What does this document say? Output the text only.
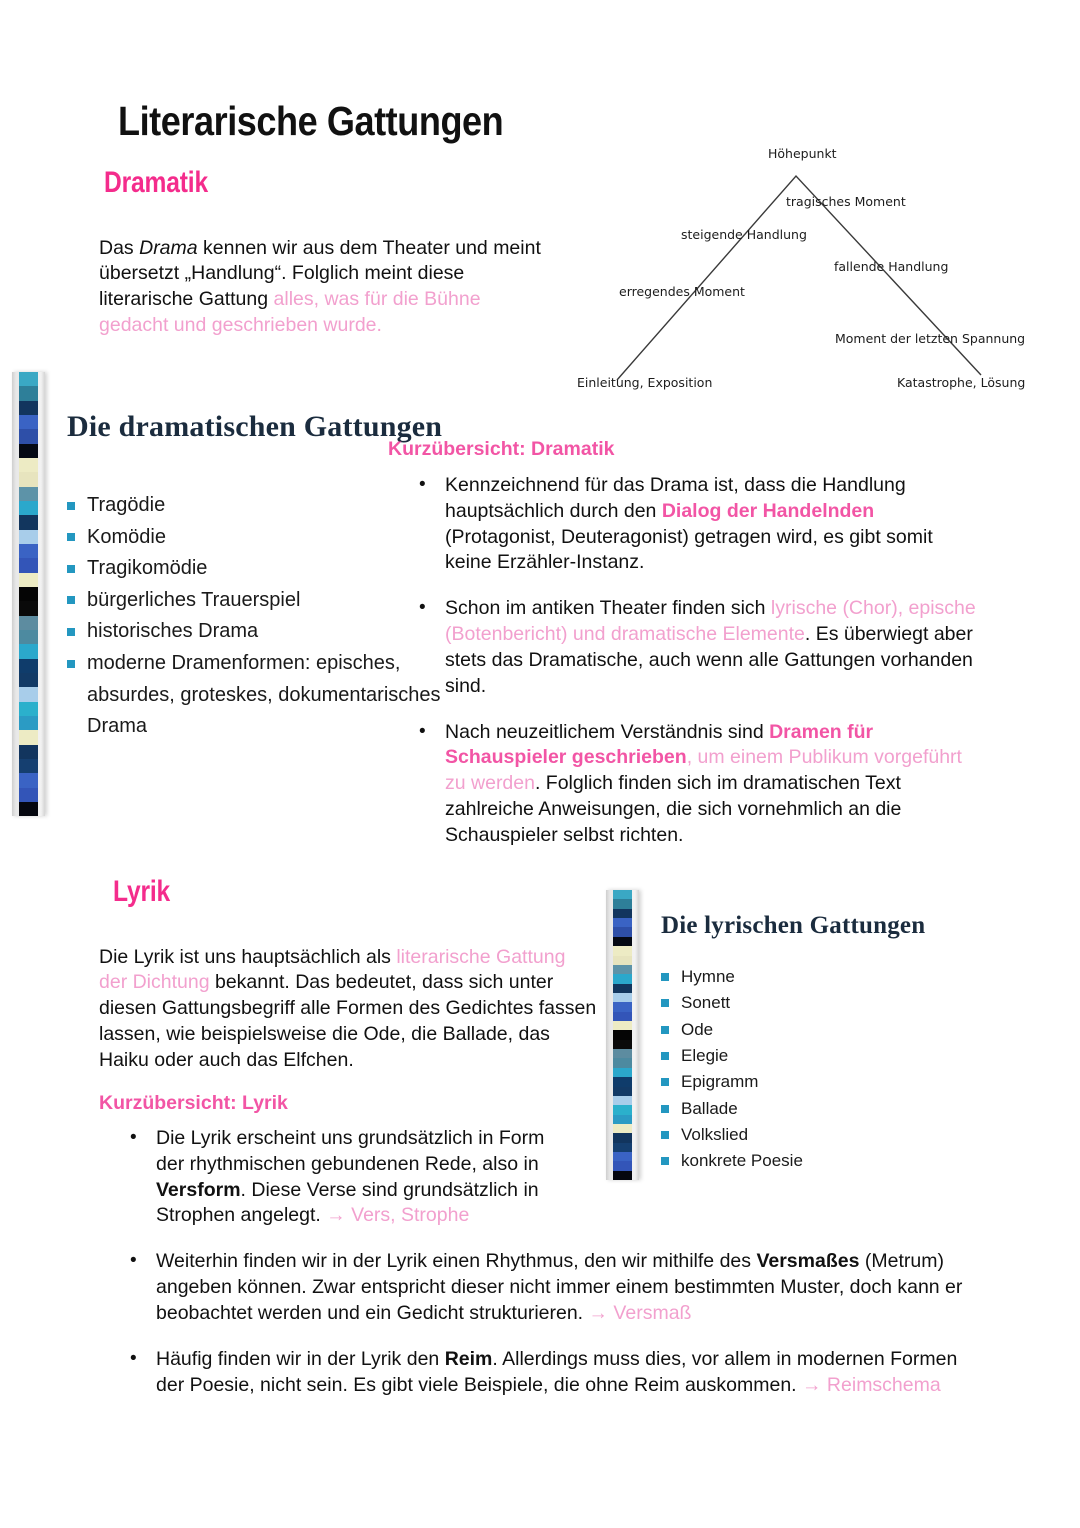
Literarische Gattungen
Dramatik

Das Drama kennen wir aus dem Theater und meint übersetzt „Handlung“. Folglich meint diese literarische Gattung alles, was für die Bühne gedacht und geschrieben wurde.

Höhepunkt
tragisches Moment
steigende Handlung
fallende Handlung
erregendes Moment
Moment der letzten Spannung
Einleitung, Exposition	Katastrophe, Lösung
Die dramatischen Gattungen
Tragödie
Komödie
Tragikomödie
bürgerliches Trauerspiel
historisches Drama
moderne Dramenformen: episches, absurdes, groteskes, dokumentarisches Drama
Kurzübersicht: Dramatik
• Kennzeichnend für das Drama ist, dass die Handlung hauptsächlich durch den Dialog der Handelnden (Protagonist, Deuteragonist) getragen wird, es gibt somit keine Erzähler-Instanz.
• Schon im antiken Theater finden sich lyrische (Chor), epische (Botenbericht) und dramatische Elemente. Es überwiegt aber stets das Dramatische, auch wenn alle Gattungen vorhanden sind.
• Nach neuzeitlichem Verständnis sind Dramen für Schauspieler geschrieben, um einem Publikum vorgeführt zu werden. Folglich finden sich im dramatischen Text zahlreiche Anweisungen, die sich vornehmlich an die Schauspieler selbst richten.
Lyrik

Die Lyrik ist uns hauptsächlich als literarische Gattung der Dichtung bekannt. Das bedeutet, dass sich unter diesen Gattungsbegriff alle Formen des Gedichtes fassen lassen, wie beispielsweise die Ode, die Ballade, das Haiku oder auch das Elfchen.

Die lyrischen Gattungen
Hymne
Sonett
Ode
Elegie
Epigramm
Ballade
Volkslied
konkrete Poesie
Kurzübersicht: Lyrik
• Die Lyrik erscheint uns grundsätzlich in Form der rhythmischen gebundenen Rede, also in Versform. Diese Verse sind grundsätzlich in Strophen angelegt. → Vers, Strophe
• Weiterhin finden wir in der Lyrik einen Rhythmus, den wir mithilfe des Versmaßes (Metrum) angeben können. Zwar entspricht dieser nicht immer einem bestimmten Muster, doch kann er beobachtet werden und ein Gedicht strukturieren. → Versmaß
• Häufig finden wir in der Lyrik den Reim. Allerdings muss dies, vor allem in modernen Formen der Poesie, nicht sein. Es gibt viele Beispiele, die ohne Reim auskommen. → Reimschema
